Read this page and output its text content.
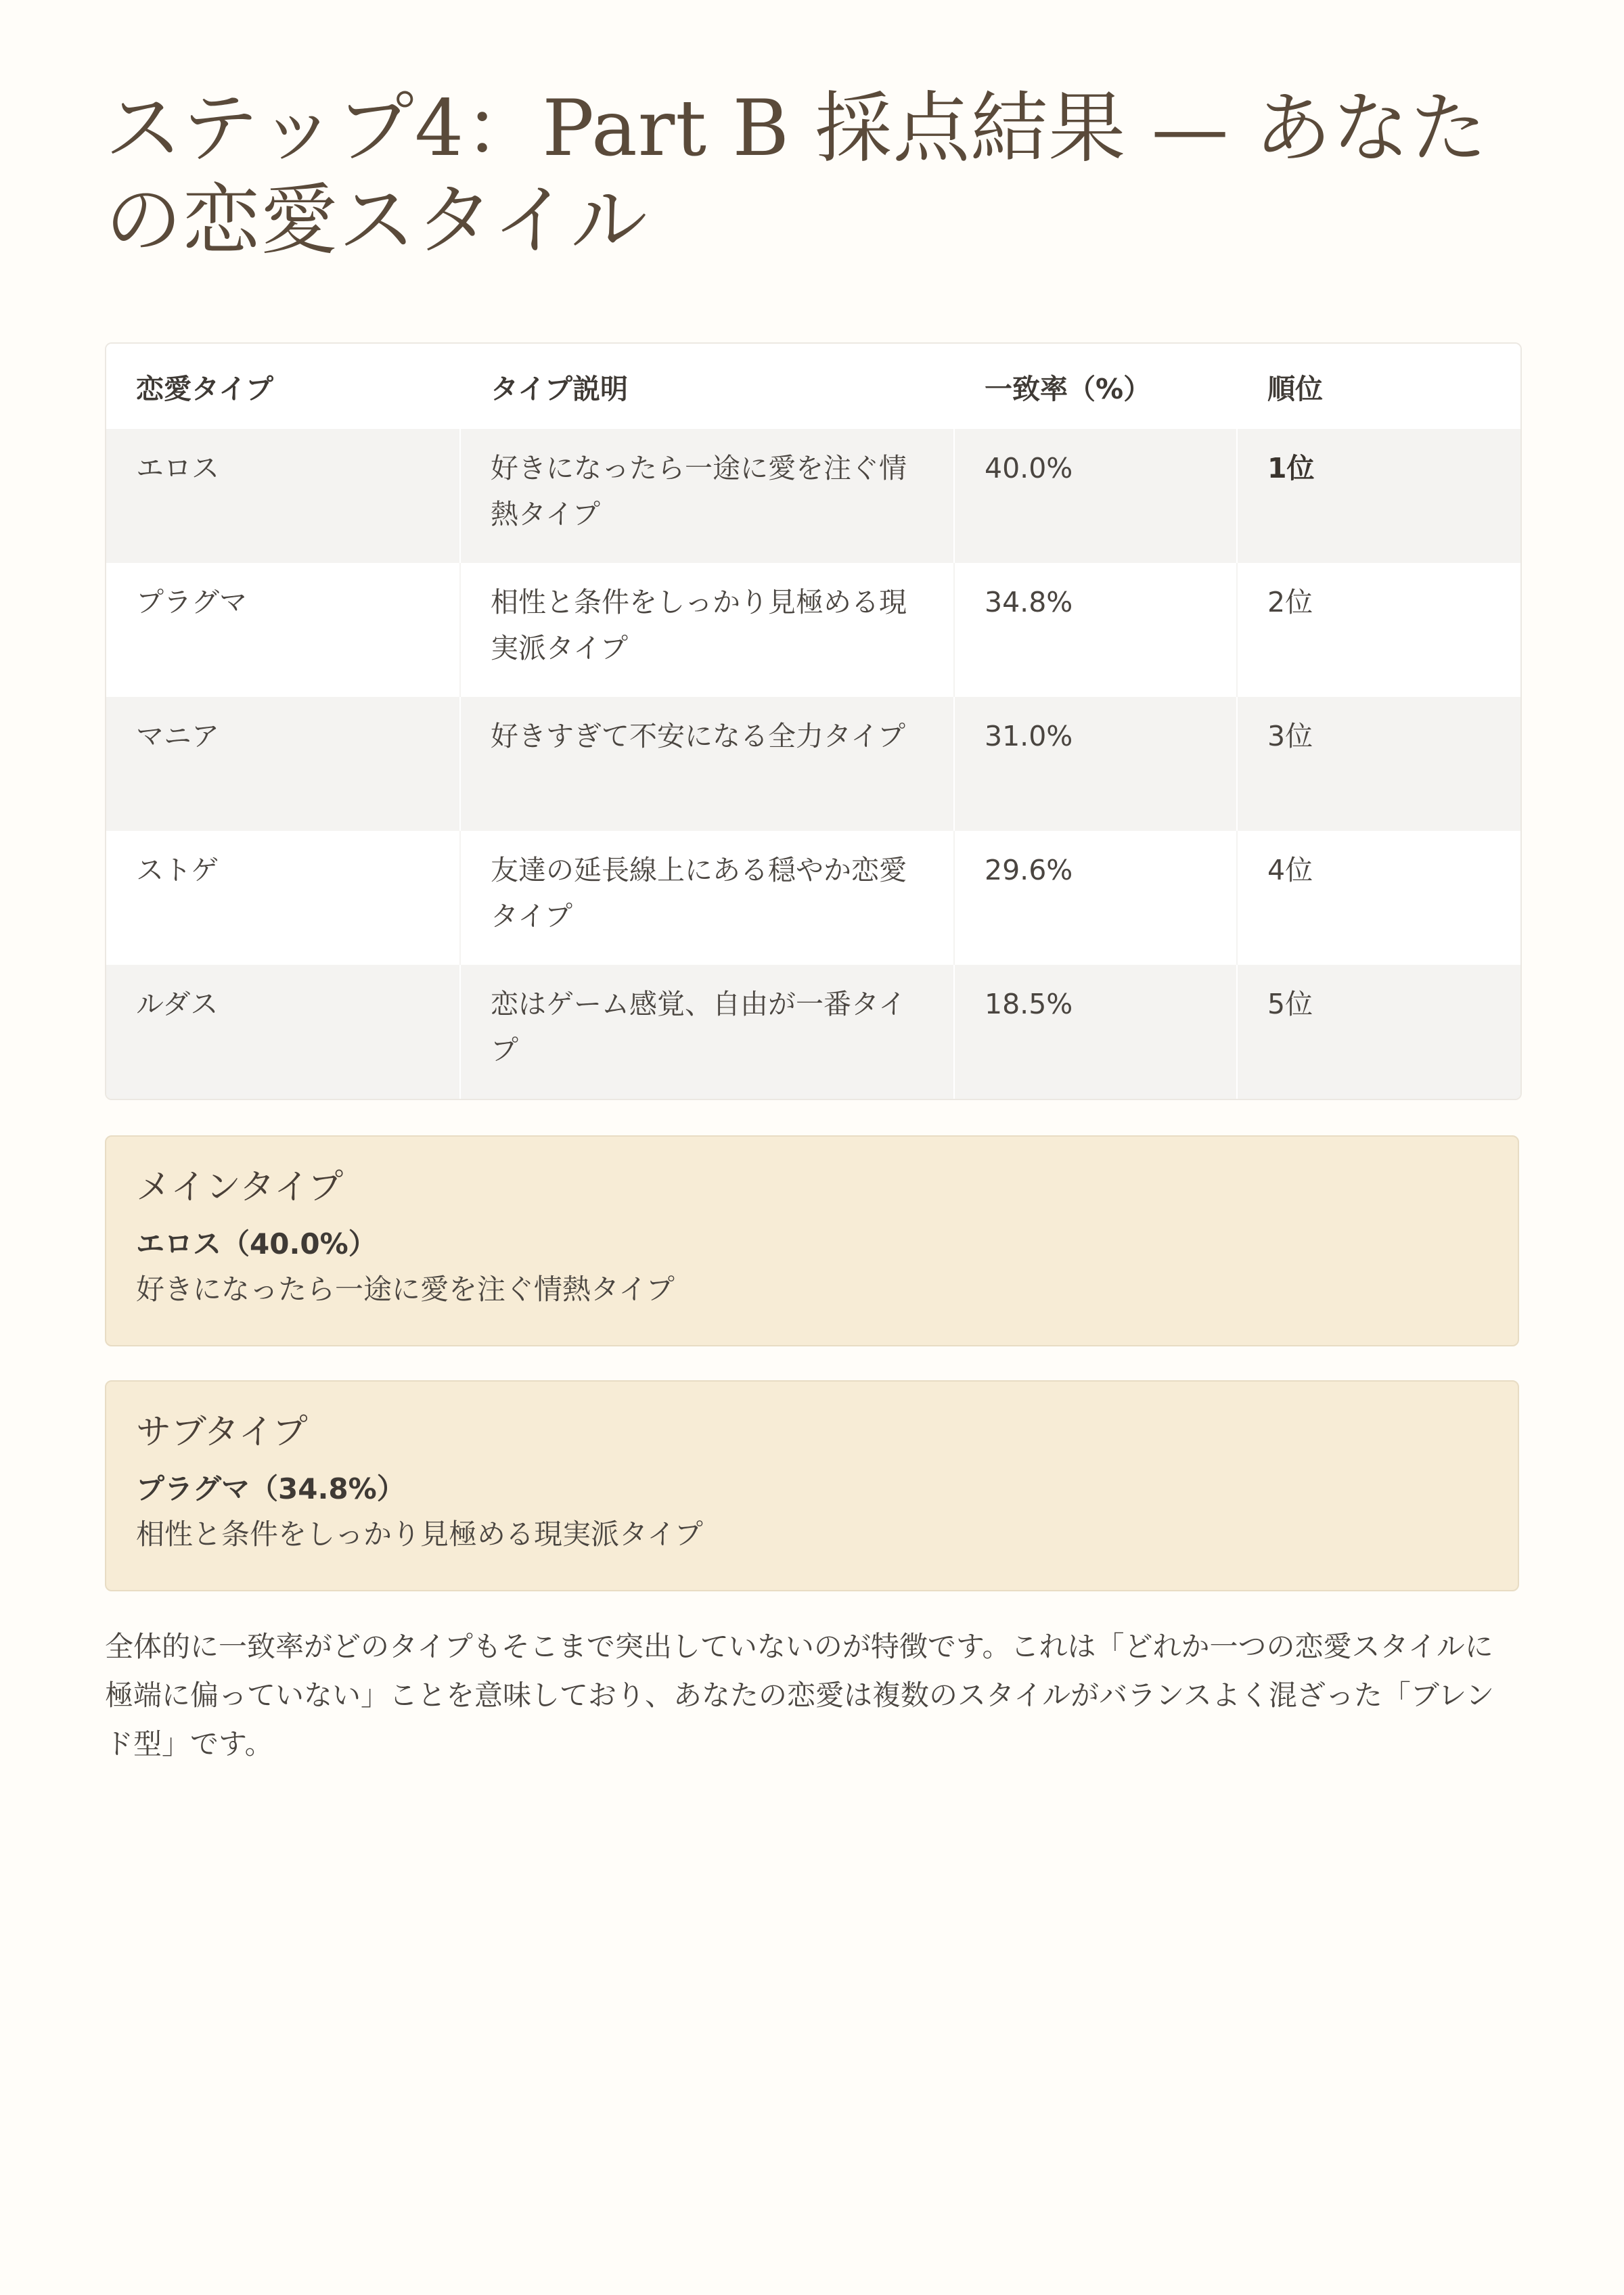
ステップ4：Part B 採点結果 — あなたの恋愛スタイル
恋愛タイプ	タイプ説明	一致率（%）	順位
エロス	好きになったら一途に愛を注ぐ情熱タイプ	40.0%	1位
プラグマ	相性と条件をしっかり見極める現実派タイプ	34.8%	2位
マニア	好きすぎて不安になる全力タイプ	31.0%	3位
ストゲ	友達の延長線上にある穏やか恋愛タイプ	29.6%	4位
ルダス	恋はゲーム感覚、自由が一番タイプ	18.5%	5位
メインタイプ

エロス（40.0%）

好きになったら一途に愛を注ぐ情熱タイプ

サブタイプ

プラグマ（34.8%）

相性と条件をしっかり見極める現実派タイプ

全体的に一致率がどのタイプもそこまで突出していないのが特徴です。これは「どれか一つの恋愛スタイルに極端に偏っていない」ことを意味しており、あなたの恋愛は複数のスタイルがバランスよく混ざった「ブレンド型」です。
